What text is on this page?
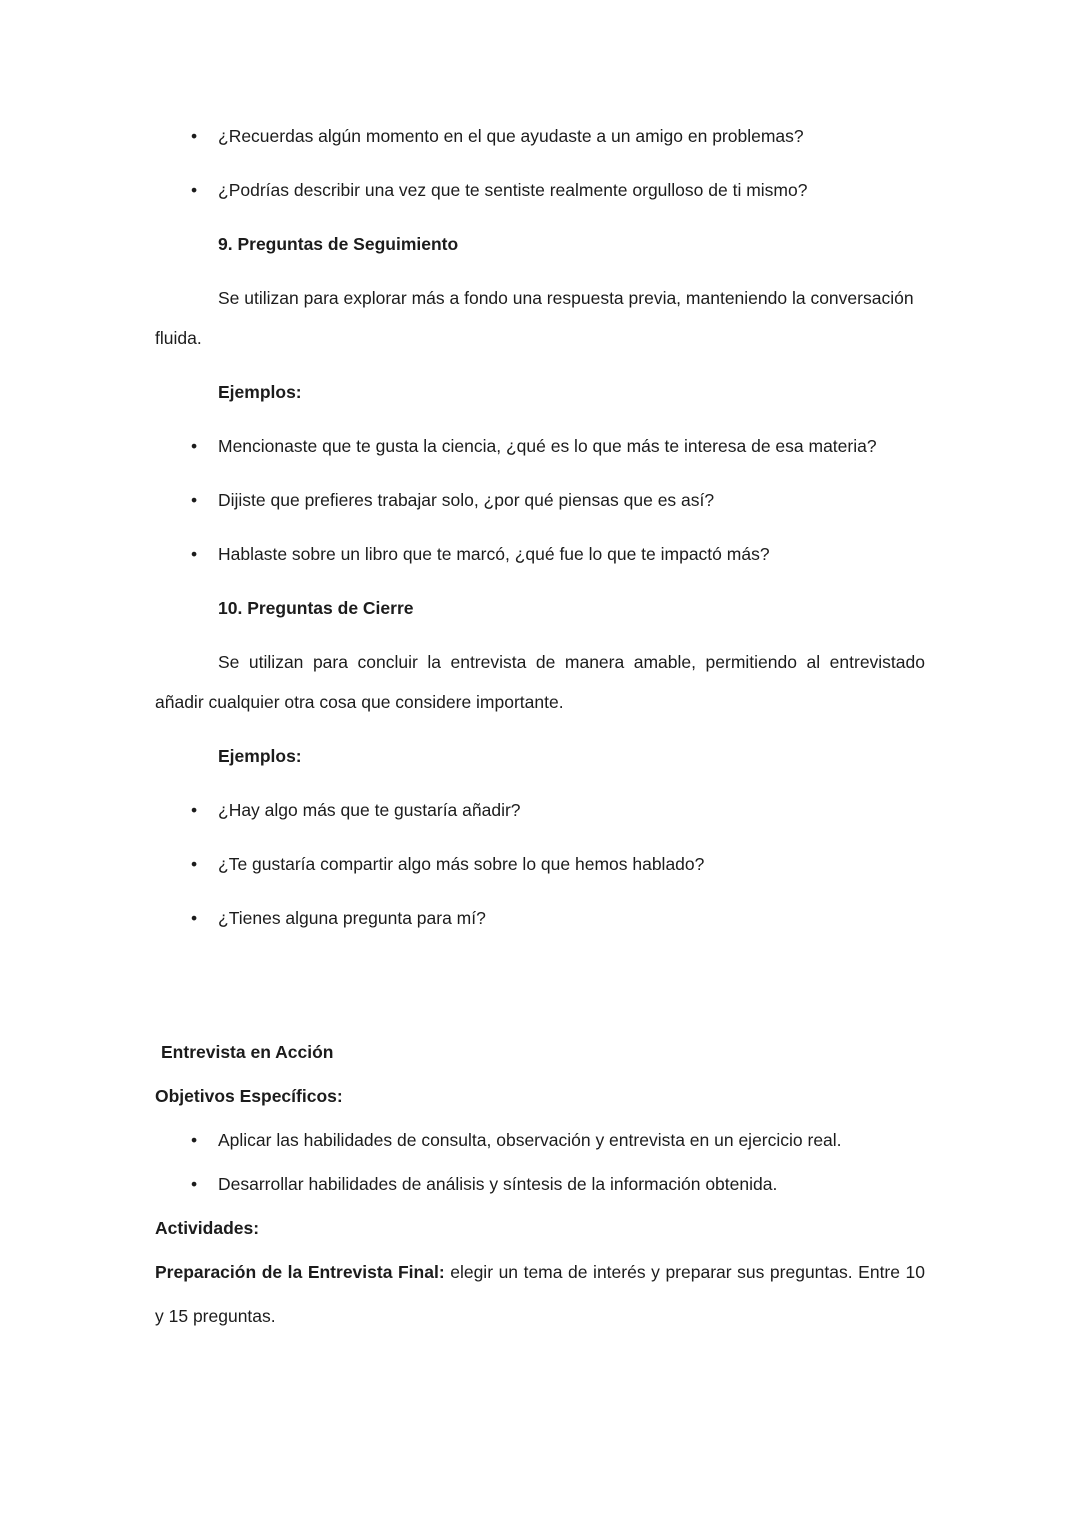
• ¿Recuerdas algún momento en el que ayudaste a un amigo en problemas?
• ¿Podrías describir una vez que te sentiste realmente orgulloso de ti mismo?

9. Preguntas de Seguimiento

Se utilizan para explorar más a fondo una respuesta previa, manteniendo la conversación fluida.

Ejemplos:

• Mencionaste que te gusta la ciencia, ¿qué es lo que más te interesa de esa materia?
• Dijiste que prefieres trabajar solo, ¿por qué piensas que es así?
• Hablaste sobre un libro que te marcó, ¿qué fue lo que te impactó más?

10. Preguntas de Cierre

Se utilizan para concluir la entrevista de manera amable, permitiendo al entrevistado añadir cualquier otra cosa que considere importante.

Ejemplos:

• ¿Hay algo más que te gustaría añadir?
• ¿Te gustaría compartir algo más sobre lo que hemos hablado?
• ¿Tienes alguna pregunta para mí?

Entrevista en Acción

Objetivos Específicos:

• Aplicar las habilidades de consulta, observación y entrevista en un ejercicio real.
• Desarrollar habilidades de análisis y síntesis de la información obtenida.

Actividades:

Preparación de la Entrevista Final: elegir un tema de interés y preparar sus preguntas. Entre 10 y 15 preguntas.
